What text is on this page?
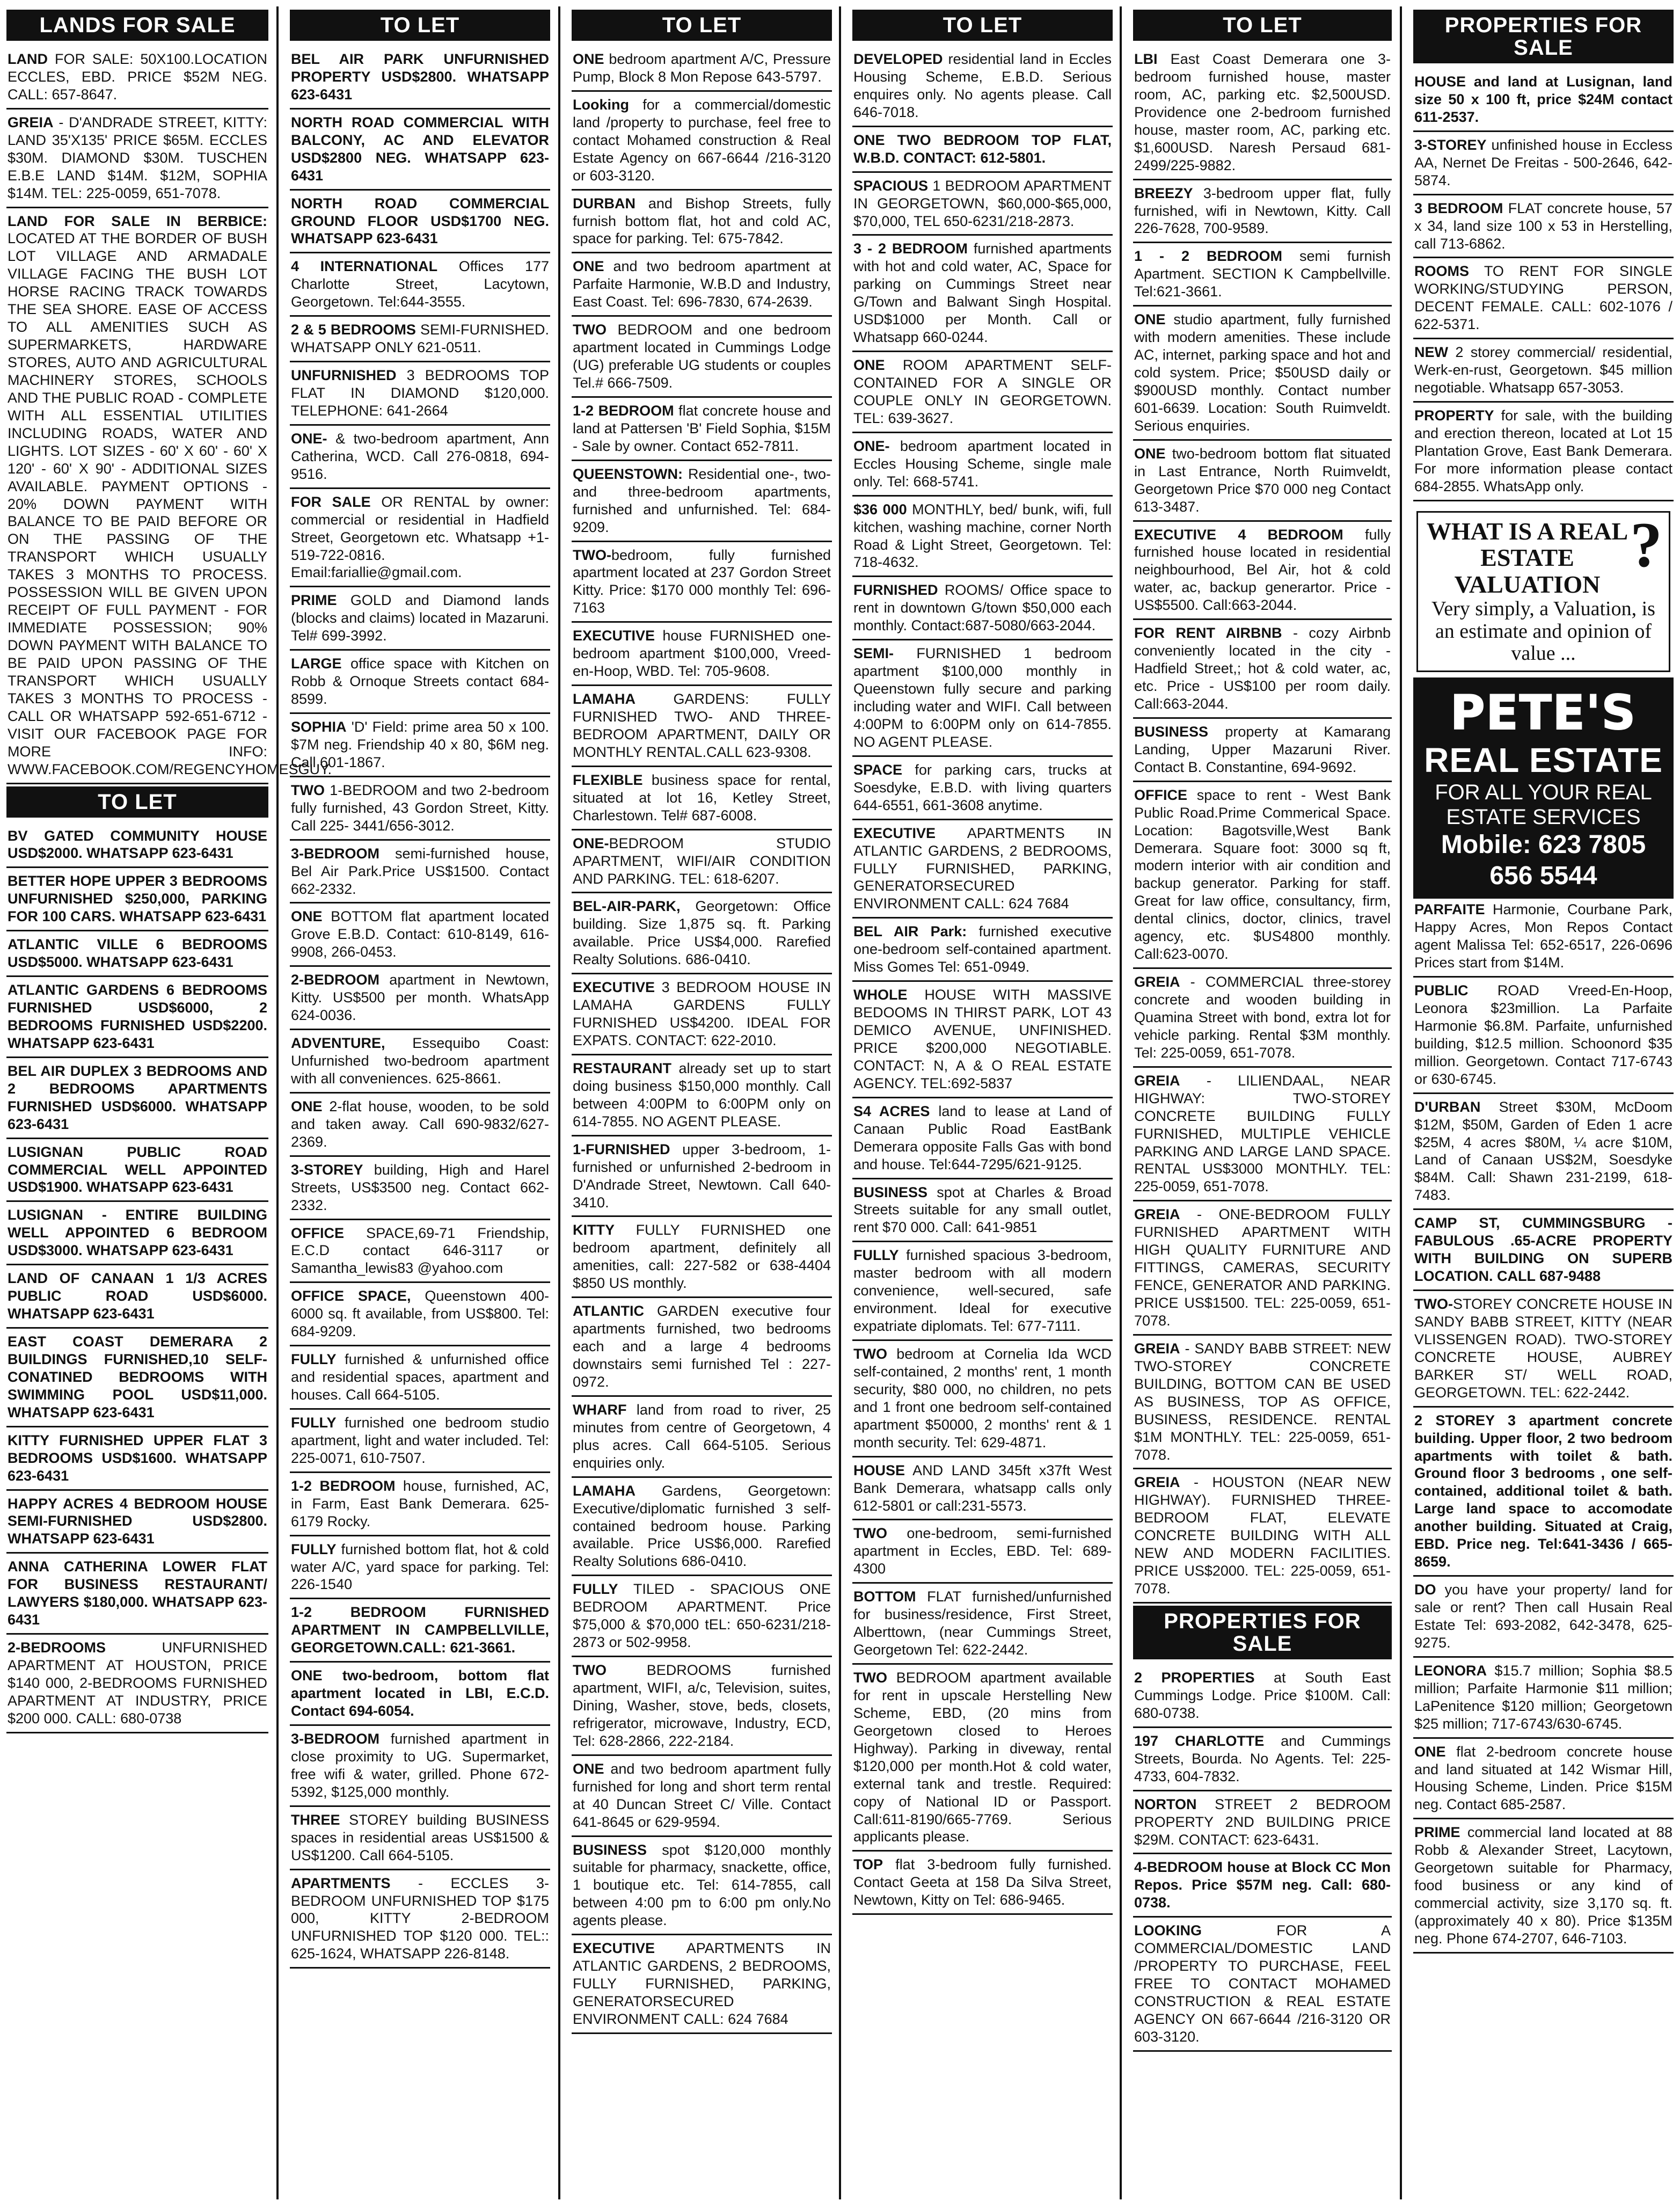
LANDS FOR SALE
LAND FOR SALE: 50X100.LOCATION ECCLES, EBD. PRICE $52M NEG. CALL: 657-8647.
GREIA - D'ANDRADE STREET, KITTY: LAND 35'X135' PRICE $65M. ECCLES $30M. DIAMOND $30M. TUSCHEN E.B.E LAND $14M. $12M, SOPHIA $14M. TEL: 225-0059, 651-7078.
LAND FOR SALE IN BERBICE: LOCATED AT THE BORDER OF BUSH LOT VILLAGE AND ARMADALE VILLAGE FACING THE BUSH LOT HORSE RACING TRACK TOWARDS THE SEA SHORE. EASE OF ACCESS TO ALL AMENITIES SUCH AS SUPERMARKETS, HARDWARE STORES, AUTO AND AGRICULTURAL MACHINERY STORES, SCHOOLS AND THE PUBLIC ROAD - COMPLETE WITH ALL ESSENTIAL UTILITIES INCLUDING ROADS, WATER AND LIGHTS. LOT SIZES - 60' X 60' - 60' X 120' - 60' X 90' - ADDITIONAL SIZES AVAILABLE. PAYMENT OPTIONS - 20% DOWN PAYMENT WITH BALANCE TO BE PAID BEFORE OR ON THE PASSING OF THE TRANSPORT WHICH USUALLY TAKES 3 MONTHS TO PROCESS. POSSESSION WILL BE GIVEN UPON RECEIPT OF FULL PAYMENT - FOR IMMEDIATE POSSESSION; 90% DOWN PAYMENT WITH BALANCE TO BE PAID UPON PASSING OF THE TRANSPORT WHICH USUALLY TAKES 3 MONTHS TO PROCESS - CALL OR WHATSAPP 592-651-6712 - VISIT OUR FACEBOOK PAGE FOR MORE INFO: WWW.FACEBOOK.COM/REGENCYHOMESGUY.
TO LET
BV GATED COMMUNITY HOUSE USD$2000. WHATSAPP 623-6431
BETTER HOPE UPPER 3 BEDROOMS UNFURNISHED $250,000, PARKING FOR 100 CARS. WHATSAPP 623-6431
ATLANTIC VILLE 6 BEDROOMS USD$5000. WHATSAPP 623-6431
ATLANTIC GARDENS 6 BEDROOMS FURNISHED USD$6000, 2 BEDROOMS FURNISHED USD$2200. WHATSAPP 623-6431
BEL AIR DUPLEX 3 BEDROOMS AND 2 BEDROOMS APARTMENTS FURNISHED USD$6000. WHATSAPP 623-6431
LUSIGNAN PUBLIC ROAD COMMERCIAL WELL APPOINTED USD$1900. WHATSAPP 623-6431
LUSIGNAN - ENTIRE BUILDING WELL APPOINTED 6 BEDROOM USD$3000. WHATSAPP 623-6431
LAND OF CANAAN 1 1/3 ACRES PUBLIC ROAD USD$6000. WHATSAPP 623-6431
EAST COAST DEMERARA 2 BUILDINGS FURNISHED,10 SELF-CONATINED BEDROOMS WITH SWIMMING POOL USD$11,000. WHATSAPP 623-6431
KITTY FURNISHED UPPER FLAT 3 BEDROOMS USD$1600. WHATSAPP 623-6431
HAPPY ACRES 4 BEDROOM HOUSE SEMI-FURNISHED USD$2800. WHATSAPP 623-6431
ANNA CATHERINA LOWER FLAT FOR BUSINESS RESTAURANT/ LAWYERS $180,000. WHATSAPP 623-6431
2-BEDROOMS UNFURNISHED APARTMENT AT HOUSTON, PRICE $140 000, 2-BEDROOMS FURNISHED APARTMENT AT INDUSTRY, PRICE $200 000. CALL: 680-0738
TO LET
BEL AIR PARK UNFURNISHED PROPERTY USD$2800. WHATSAPP 623-6431
NORTH ROAD COMMERCIAL WITH BALCONY, AC AND ELEVATOR USD$2800 NEG. WHATSAPP 623-6431
NORTH ROAD COMMERCIAL GROUND FLOOR USD$1700 NEG. WHATSAPP 623-6431
4 INTERNATIONAL Offices 177 Charlotte Street, Lacytown, Georgetown. Tel:644-3555.
2 & 5 BEDROOMS SEMI-FURNISHED. WHATSAPP ONLY 621-0511.
UNFURNISHED 3 BEDROOMS TOP FLAT IN DIAMOND $120,000. TELEPHONE: 641-2664
ONE- & two-bedroom apartment, Ann Catherina, WCD. Call 276-0818, 694-9516.
FOR SALE OR RENTAL by owner: commercial or residential in Hadfield Street, Georgetown etc. Whatsapp +1-519-722-0816. Email:fariallie@gmail.com.
PRIME GOLD and Diamond lands (blocks and claims) located in Mazaruni. Tel# 699-3992.
LARGE office space with Kitchen on Robb & Ornoque Streets contact 684-8599.
SOPHIA 'D' Field: prime area 50 x 100. $7M neg. Friendship 40 x 80, $6M neg. Call 601-1867.
TWO 1-BEDROOM and two 2-bedroom fully furnished, 43 Gordon Street, Kitty. Call 225- 3441/656-3012.
3-BEDROOM semi-furnished house, Bel Air Park.Price US$1500. Contact 662-2332.
ONE BOTTOM flat apartment located Grove E.B.D. Contact: 610-8149, 616-9908, 266-0453.
2-BEDROOM apartment in Newtown, Kitty. US$500 per month. WhatsApp 624-0036.
ADVENTURE, Essequibo Coast: Unfurnished two-bedroom apartment with all conveniences. 625-8661.
ONE 2-flat house, wooden, to be sold and taken away. Call 690-9832/627-2369.
3-STOREY building, High and Harel Streets, US$3500 neg. Contact 662-2332.
OFFICE SPACE,69-71 Friendship, E.C.D contact 646-3117 or Samantha_lewis83 @yahoo.com
OFFICE SPACE, Queenstown 400-6000 sq. ft available, from US$800. Tel: 684-9209.
FULLY furnished & unfurnished office and residential spaces, apartment and houses. Call 664-5105.
FULLY furnished one bedroom studio apartment, light and water included. Tel: 225-0071, 610-7507.
1-2 BEDROOM house, furnished, AC, in Farm, East Bank Demerara. 625-6179 Rocky.
FULLY furnished bottom flat, hot & cold water A/C, yard space for parking. Tel: 226-1540
1-2 BEDROOM FURNISHED APARTMENT IN CAMPBELLVILLE, GEORGETOWN.CALL: 621-3661.
ONE two-bedroom, bottom flat apartment located in LBI, E.C.D. Contact 694-6054.
3-BEDROOM furnished apartment in close proximity to UG. Supermarket, free wifi & water, grilled. Phone 672-5392, $125,000 monthly.
THREE STOREY building BUSINESS spaces in residential areas US$1500 & US$1200. Call 664-5105.
APARTMENTS - ECCLES 3-BEDROOM UNFURNISHED TOP $175 000, KITTY 2-BEDROOM UNFURNISHED TOP $120 000. TEL:: 625-1624, WHATSAPP 226-8148.
TO LET
ONE bedroom apartment A/C, Pressure Pump, Block 8 Mon Repose 643-5797.
Looking for a commercial/domestic land /property to purchase, feel free to contact Mohamed construction & Real Estate Agency on 667-6644 /216-3120 or 603-3120.
DURBAN and Bishop Streets, fully furnish bottom flat, hot and cold AC, space for parking. Tel: 675-7842.
ONE and two bedroom apartment at Parfaite Harmonie, W.B.D and Industry, East Coast. Tel: 696-7830, 674-2639.
TWO BEDROOM and one bedroom apartment located in Cummings Lodge (UG) preferable UG students or couples Tel.# 666-7509.
1-2 BEDROOM flat concrete house and land at Pattersen 'B' Field Sophia, $15M - Sale by owner. Contact 652-7811.
QUEENSTOWN: Residential one-, two- and three-bedroom apartments, furnished and unfurnished. Tel: 684-9209.
TWO-bedroom, fully furnished apartment located at 237 Gordon Street Kitty. Price: $170 000 monthly Tel: 696-7163
EXECUTIVE house FURNISHED one-bedroom apartment $100,000, Vreed-en-Hoop, WBD. Tel: 705-9608.
LAMAHA GARDENS: FULLY FURNISHED TWO- AND THREE-BEDROOM APARTMENT, DAILY OR MONTHLY RENTAL.CALL 623-9308.
FLEXIBLE business space for rental, situated at lot 16, Ketley Street, Charlestown. Tel# 687-6008.
ONE-BEDROOM STUDIO APARTMENT, WIFI/AIR CONDITION AND PARKING. TEL: 618-6207.
BEL-AIR-PARK, Georgetown: Office building. Size 1,875 sq. ft. Parking available. Price US$4,000. Rarefied Realty Solutions. 686-0410.
EXECUTIVE 3 BEDROOM HOUSE IN LAMAHA GARDENS FULLY FURNISHED US$4200. IDEAL FOR EXPATS. CONTACT: 622-2010.
RESTAURANT already set up to start doing business $150,000 monthly. Call between 4:00PM to 6:00PM only on 614-7855. NO AGENT PLEASE.
1-FURNISHED upper 3-bedroom, 1-furnished or unfurnished 2-bedroom in D'Andrade Street, Newtown. Call 640-3410.
KITTY FULLY FURNISHED one bedroom apartment, definitely all amenities, call: 227-582 or 638-4404 $850 US monthly.
ATLANTIC GARDEN executive four apartments furnished, two bedrooms each and a large 4 bedrooms downstairs semi furnished Tel : 227-0972.
WHARF land from road to river, 25 minutes from centre of Georgetown, 4 plus acres. Call 664-5105. Serious enquiries only.
LAMAHA Gardens, Georgetown: Executive/diplomatic furnished 3 self-contained bedroom house. Parking available. Price US$6,000. Rarefied Realty Solutions 686-0410.
FULLY TILED - SPACIOUS ONE BEDROOM APARTMENT. Price $75,000 & $70,000 tEL: 650-6231/218-2873 or 502-9958.
TWO BEDROOMS furnished apartment, WIFI, a/c, Television, suites, Dining, Washer, stove, beds, closets, refrigerator, microwave, Industry, ECD, Tel: 628-2866, 222-2184.
ONE and two bedroom apartment fully furnished for long and short term rental at 40 Duncan Street C/ Ville. Contact 641-8645 or 629-9594.
BUSINESS spot $120,000 monthly suitable for pharmacy, snackette, office, 1 boutique etc. Tel: 614-7855, call between 4:00 pm to 6:00 pm only.No agents please.
EXECUTIVE APARTMENTS IN ATLANTIC GARDENS, 2 BEDROOMS, FULLY FURNISHED, PARKING, GENERATORSECURED ENVIRONMENT CALL: 624 7684
TO LET
DEVELOPED residential land in Eccles Housing Scheme, E.B.D. Serious enquires only. No agents please. Call 646-7018.
ONE TWO BEDROOM TOP FLAT, W.B.D. CONTACT: 612-5801.
SPACIOUS 1 BEDROOM APARTMENT IN GEORGETOWN, $60,000-$65,000, $70,000, TEL 650-6231/218-2873.
3 - 2 BEDROOM furnished apartments with hot and cold water, AC, Space for parking on Cummings Street near G/Town and Balwant Singh Hospital. USD$1000 per Month. Call or Whatsapp 660-0244.
ONE ROOM APARTMENT SELF-CONTAINED FOR A SINGLE OR COUPLE ONLY IN GEORGETOWN. TEL: 639-3627.
ONE- bedroom apartment located in Eccles Housing Scheme, single male only. Tel: 668-5741.
$36 000 MONTHLY, bed/ bunk, wifi, full kitchen, washing machine, corner North Road & Light Street, Georgetown. Tel: 718-4632.
FURNISHED ROOMS/ Office space to rent in downtown G/town $50,000 each monthly. Contact:687-5080/663-2044.
SEMI- FURNISHED 1 bedroom apartment $100,000 monthly in Queenstown fully secure and parking including water and WIFI. Call between 4:00PM to 6:00PM only on 614-7855. NO AGENT PLEASE.
SPACE for parking cars, trucks at Soesdyke, E.B.D. with living quarters 644-6551, 661-3608 anytime.
EXECUTIVE APARTMENTS IN ATLANTIC GARDENS, 2 BEDROOMS, FULLY FURNISHED, PARKING, GENERATORSECURED ENVIRONMENT CALL: 624 7684
BEL AIR Park: furnished executive one-bedroom self-contained apartment. Miss Gomes Tel: 651-0949.
WHOLE HOUSE WITH MASSIVE BEDOOMS IN THIRST PARK, LOT 43 DEMICO AVENUE, UNFINISHED. PRICE $200,000 NEGOTIABLE. CONTACT: N, A & O REAL ESTATE AGENCY. TEL:692-5837
S4 ACRES land to lease at Land of Canaan Public Road EastBank Demerara opposite Falls Gas with bond and house. Tel:644-7295/621-9125.
BUSINESS spot at Charles & Broad Streets suitable for any small outlet, rent $70 000. Call: 641-9851
FULLY furnished spacious 3-bedroom, master bedroom with all modern convenience, well-secured, safe environment. Ideal for executive expatriate diplomats. Tel: 677-7111.
TWO bedroom at Cornelia Ida WCD self-contained, 2 months' rent, 1 month security, $80 000, no children, no pets and 1 front one bedroom self-contained apartment $50000, 2 months' rent & 1 month security. Tel: 629-4871.
HOUSE AND LAND 345ft x37ft West Bank Demerara, whatsapp calls only 612-5801 or call:231-5573.
TWO one-bedroom, semi-furnished apartment in Eccles, EBD. Tel: 689-4300
BOTTOM FLAT furnished/unfurnished for business/residence, First Street, Alberttown, (near Cummings Street, Georgetown Tel: 622-2442.
TWO BEDROOM apartment available for rent in upscale Herstelling New Scheme, EBD, (20 mins from Georgetown closed to Heroes Highway). Parking in diveway, rental $120,000 per month.Hot & cold water, external tank and trestle. Required: copy of National ID or Passport. Call:611-8190/665-7769. Serious applicants please.
TOP flat 3-bedroom fully furnished. Contact Geeta at 158 Da Silva Street, Newtown, Kitty on Tel: 686-9465.
TO LET
LBI East Coast Demerara one 3-bedroom furnished house, master room, AC, parking etc. $2,500USD. Providence one 2-bedroom furnished house, master room, AC, parking etc. $1,600USD. Naresh Persaud 681-2499/225-9882.
BREEZY 3-bedroom upper flat, fully furnished, wifi in Newtown, Kitty. Call 226-7628, 700-9589.
1 - 2 BEDROOM semi furnish Apartment. SECTION K Campbellville. Tel:621-3661.
ONE studio apartment, fully furnished with modern amenities. These include AC, internet, parking space and hot and cold system. Price; $50USD daily or $900USD monthly. Contact number 601-6639. Location: South Ruimveldt. Serious enquiries.
ONE two-bedroom bottom flat situated in Last Entrance, North Ruimveldt, Georgetown Price $70 000 neg Contact 613-3487.
EXECUTIVE 4 BEDROOM fully furnished house located in residential neighbourhood, Bel Air, hot & cold water, ac, backup generartor. Price - US$5500. Call:663-2044.
FOR RENT AIRBNB - cozy Airbnb conveniently located in the city - Hadfield Street,; hot & cold water, ac, etc. Price - US$100 per room daily. Call:663-2044.
BUSINESS property at Kamarang Landing, Upper Mazaruni River. Contact B. Constantine, 694-9692.
OFFICE space to rent - West Bank Public Road.Prime Commerical Space. Location: Bagotsville,West Bank Demerara. Square foot: 3000 sq ft, modern interior with air condition and backup generator. Parking for staff. Great for law office, consultancy, firm, dental clinics, doctor, clinics, travel agency, etc. $US4800 monthly. Call:623-0070.
GREIA - COMMERCIAL three-storey concrete and wooden building in Quamina Street with bond, extra lot for vehicle parking. Rental $3M monthly. Tel: 225-0059, 651-7078.
GREIA - LILIENDAAL, NEAR HIGHWAY: TWO-STOREY CONCRETE BUILDING FULLY FURNISHED, MULTIPLE VEHICLE PARKING AND LARGE LAND SPACE. RENTAL US$3000 MONTHLY. TEL: 225-0059, 651-7078.
GREIA - ONE-BEDROOM FULLY FURNISHED APARTMENT WITH HIGH QUALITY FURNITURE AND FITTINGS, CAMERAS, SECURITY FENCE, GENERATOR AND PARKING. PRICE US$1500. TEL: 225-0059, 651-7078.
GREIA - SANDY BABB STREET: NEW TWO-STOREY CONCRETE BUILDING, BOTTOM CAN BE USED AS BUSINESS, TOP AS OFFICE, BUSINESS, RESIDENCE. RENTAL $1M MONTHLY. TEL: 225-0059, 651-7078.
GREIA - HOUSTON (NEAR NEW HIGHWAY). FURNISHED THREE-BEDROOM FLAT, ELEVATE CONCRETE BUILDING WITH ALL NEW AND MODERN FACILITIES. PRICE US$2000. TEL: 225-0059, 651-7078.
PROPERTIES FOR SALE
2 PROPERTIES at South East Cummings Lodge. Price $100M. Call: 680-0738.
197 CHARLOTTE and Cummings Streets, Bourda. No Agents. Tel: 225-4733, 604-7832.
NORTON STREET 2 BEDROOM PROPERTY 2ND BUILDING PRICE $29M. CONTACT: 623-6431.
4-BEDROOM house at Block CC Mon Repos. Price $57M neg. Call: 680-0738.
LOOKING FOR A COMMERCIAL/DOMESTIC LAND /PROPERTY TO PURCHASE, FEEL FREE TO CONTACT MOHAMED CONSTRUCTION & REAL ESTATE AGENCY ON 667-6644 /216-3120 OR 603-3120.
PROPERTIES FOR SALE
HOUSE and land at Lusignan, land size 50 x 100 ft, price $24M contact 611-2537.
3-STOREY unfinished house in Eccless AA, Nernet De Freitas - 500-2646, 642-5874.
3 BEDROOM FLAT concrete house, 57 x 34, land size 100 x 53 in Herstelling, call 713-6862.
ROOMS TO RENT FOR SINGLE WORKING/STUDYING PERSON, DECENT FEMALE. CALL: 602-1076 / 622-5371.
NEW 2 storey commercial/ residential, Werk-en-rust, Georgetown. $45 million negotiable. Whatsapp 657-3053.
PROPERTY for sale, with the building and erection thereon, located at Lot 15 Plantation Grove, East Bank Demerara. For more information please contact 684-2855. WhatsApp only.
?
WHAT IS A REAL ESTATE VALUATION
Very simply, a Valuation, is an estimate and opinion of value ...
PETE'S
REAL ESTATE
FOR ALL YOUR REAL ESTATE SERVICES
Mobile: 623 7805
656 5544
PARFAITE Harmonie, Courbane Park, Happy Acres, Mon Repos Contact agent Malissa Tel: 652-6517, 226-0696 Prices start from $14M.
PUBLIC ROAD Vreed-En-Hoop, Leonora $23million. La Parfaite Harmonie $6.8M. Parfaite, unfurnished building, $12.5 million. Schoonord $35 million. Georgetown. Contact 717-6743 or 630-6745.
D'URBAN Street $30M, McDoom $12M, $50M, Garden of Eden 1 acre $25M, 4 acres $80M, ¼ acre $10M, Land of Canaan US$2M, Soesdyke $84M. Call: Shawn 231-2199, 618-7483.
CAMP ST, CUMMINGSBURG - FABULOUS .65-ACRE PROPERTY WITH BUILDING ON SUPERB LOCATION. CALL 687-9488
TWO-STOREY CONCRETE HOUSE IN SANDY BABB STREET, KITTY (NEAR VLISSENGEN ROAD). TWO-STOREY CONCRETE HOUSE, AUBREY BARKER ST/ WELL ROAD, GEORGETOWN. TEL: 622-2442.
2 STOREY 3 apartment concrete building. Upper floor, 2 two bedroom apartments with toilet & bath. Ground floor 3 bedrooms , one self-contained, additional toilet & bath. Large land space to accomodate another building. Situated at Craig, EBD. Price neg. Tel:641-3436 / 665-8659.
DO you have your property/ land for sale or rent? Then call Husain Real Estate Tel: 693-2082, 642-3478, 625-9275.
LEONORA $15.7 million; Sophia $8.5 million; Parfaite Harmonie $11 million; LaPenitence $120 million; Georgetown $25 million; 717-6743/630-6745.
ONE flat 2-bedroom concrete house and land situated at 142 Wismar Hill, Housing Scheme, Linden. Price $15M neg. Contact 685-2587.
PRIME commercial land located at 88 Robb & Alexander Street, Lacytown, Georgetown suitable for Pharmacy, food business or any kind of commercial activity, size 3,170 sq. ft. (approximately 40 x 80). Price $135M neg. Phone 674-2707, 646-7103.
